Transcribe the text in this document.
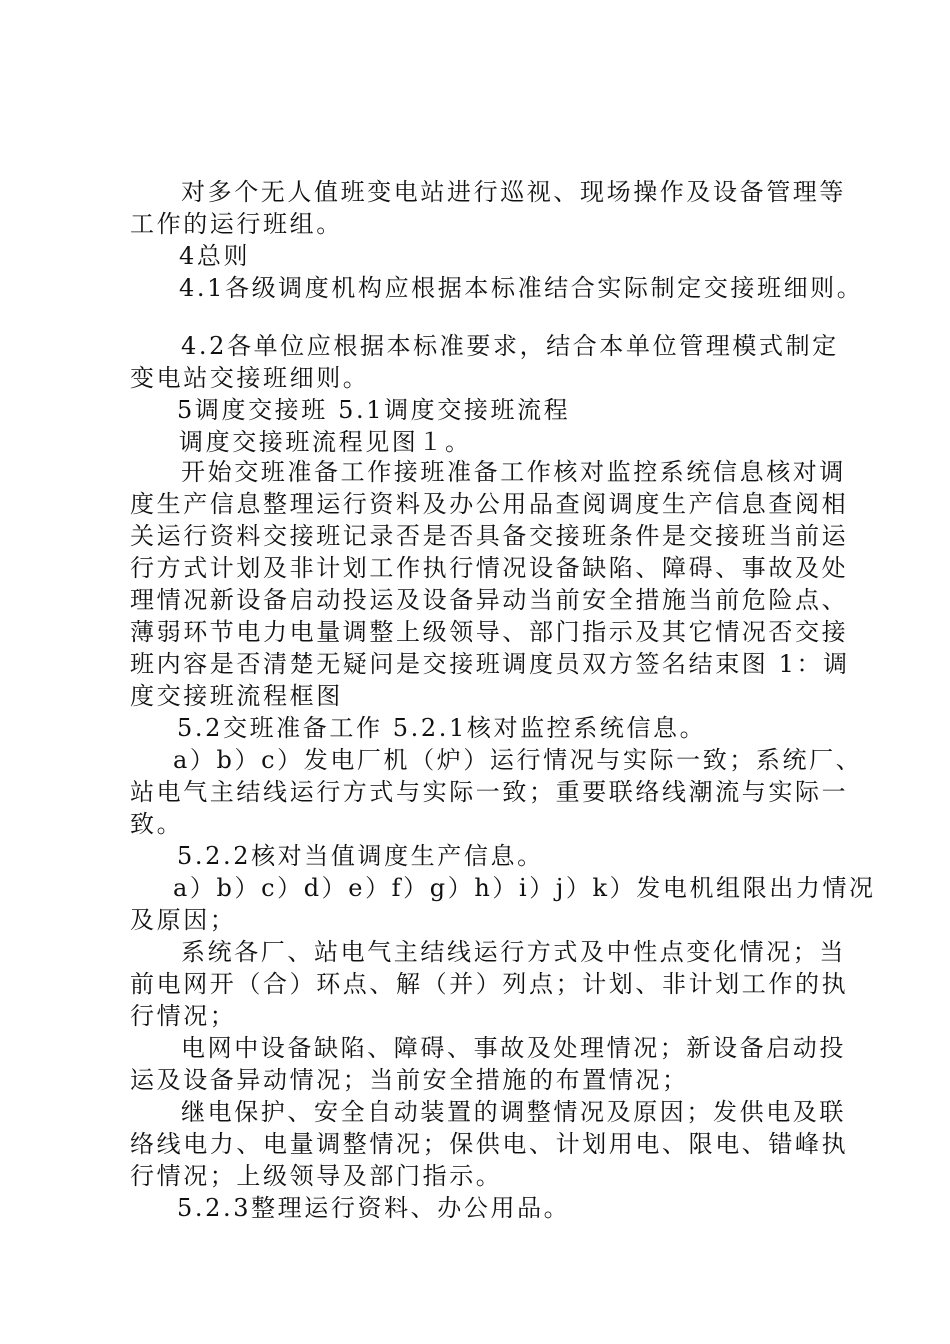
对多个无人值班变电站进行巡视、现场操作及设备管理等
工作的运行班组。
4总则
4.1各级调度机构应根据本标准结合实际制定交接班细则。
4.2各单位应根据本标准要求，结合本单位管理模式制定
变电站交接班细则。
5调度交接班 5.1调度交接班流程
调度交接班流程见图１。
开始交班准备工作接班准备工作核对监控系统信息核对调
度生产信息整理运行资料及办公用品查阅调度生产信息查阅相
关运行资料交接班记录否是否具备交接班条件是交接班当前运
行方式计划及非计划工作执行情况设备缺陷、障碍、事故及处
理情况新设备启动投运及设备异动当前安全措施当前危险点、
薄弱环节电力电量调整上级领导、部门指示及其它情况否交接
班内容是否清楚无疑问是交接班调度员双方签名结束图 1：调
度交接班流程框图
5.2交班准备工作 5.2.1核对监控系统信息。
a）b）c）发电厂机（炉）运行情况与实际一致；系统厂、
站电气主结线运行方式与实际一致；重要联络线潮流与实际一
致。
5.2.2核对当值调度生产信息。
a）b）c）d）e）f）g）h）i）j）k）发电机组限出力情况
及原因；
系统各厂、站电气主结线运行方式及中性点变化情况；当
前电网开（合）环点、解（并）列点；计划、非计划工作的执
行情况；
电网中设备缺陷、障碍、事故及处理情况；新设备启动投
运及设备异动情况；当前安全措施的布置情况；
继电保护、安全自动装置的调整情况及原因；发供电及联
络线电力、电量调整情况；保供电、计划用电、限电、错峰执
行情况；上级领导及部门指示。
5.2.3整理运行资料、办公用品。
